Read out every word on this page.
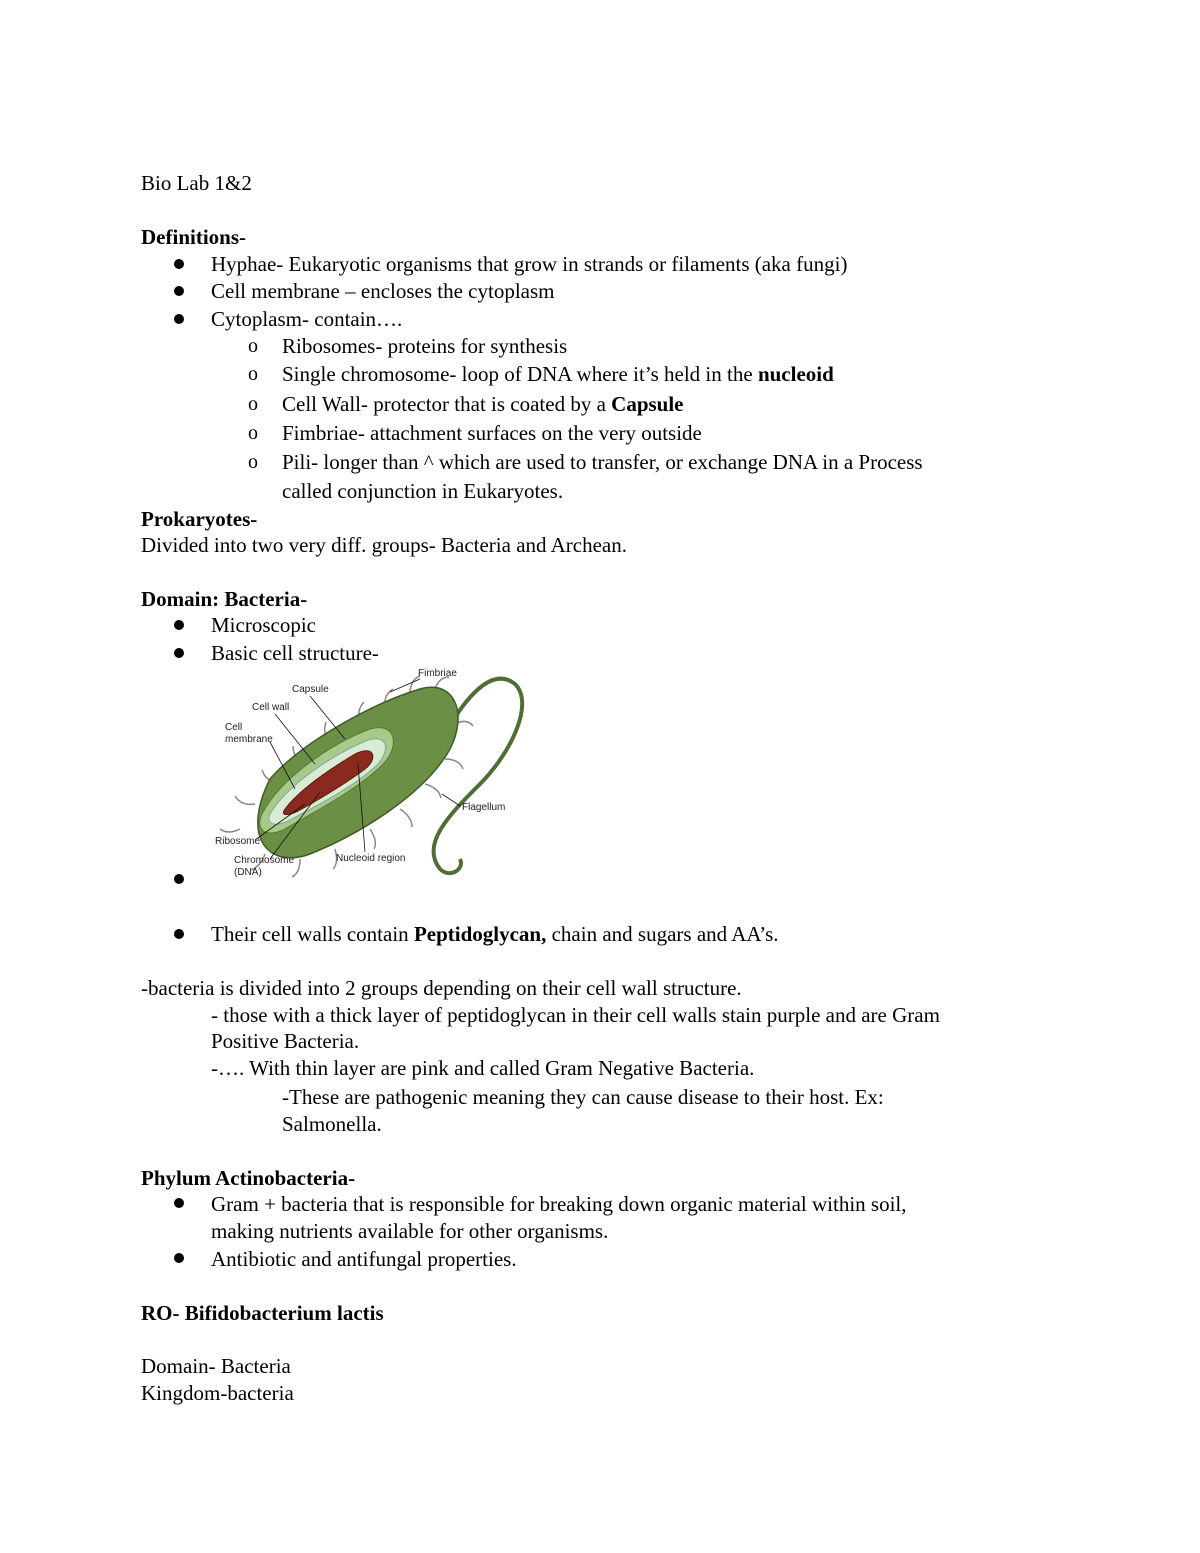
Bio Lab 1&2
Definitions-
Hyphae- Eukaryotic organisms that grow in strands or filaments (aka fungi)
Cell membrane – encloses the cytoplasm
Cytoplasm- contain….
o Ribosomes- proteins for synthesis
o Single chromosome- loop of DNA where it’s held in the nucleoid
o Cell Wall- protector that is coated by a Capsule
o Fimbriae- attachment surfaces on the very outside
o Pili- longer than ^ which are used to transfer, or exchange DNA in a Process
called conjunction in Eukaryotes.
Prokaryotes-
Divided into two very diff. groups- Bacteria and Archean.
Domain: Bacteria-
Microscopic
Basic cell structure-
Fimbriae
Capsule
Cell wall
Cell
membrane
Flagellum
Ribosome
Chromosome
(DNA)
Nucleoid region
Their cell walls contain Peptidoglycan, chain and sugars and AA’s.
-bacteria is divided into 2 groups depending on their cell wall structure.
- those with a thick layer of peptidoglycan in their cell walls stain purple and are Gram
Positive Bacteria.
-…. With thin layer are pink and called Gram Negative Bacteria.
-These are pathogenic meaning they can cause disease to their host. Ex:
Salmonella.
Phylum Actinobacteria-
Gram + bacteria that is responsible for breaking down organic material within soil,
making nutrients available for other organisms.
Antibiotic and antifungal properties.
RO- Bifidobacterium lactis
Domain- Bacteria
Kingdom-bacteria
